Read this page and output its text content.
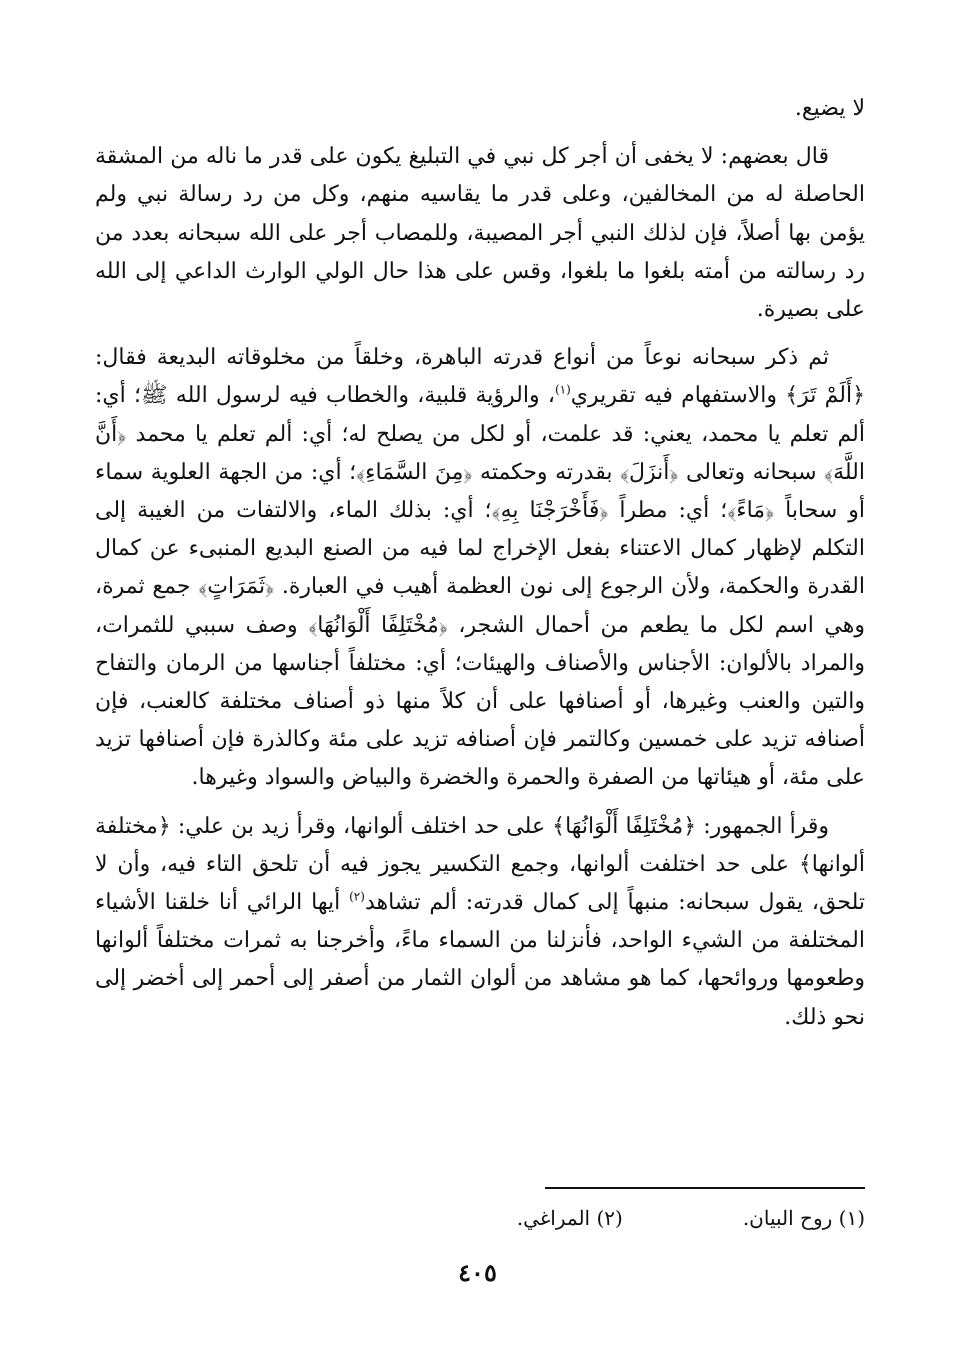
لا يضيع.

قال بعضهم: لا يخفى أن أجر كل نبي في التبليغ يكون على قدر ما ناله من المشقة الحاصلة له من المخالفين، وعلى قدر ما يقاسيه منهم، وكل من رد رسالة نبي ولم يؤمن بها أصلاً، فإن لذلك النبي أجر المصيبة، وللمصاب أجر على الله سبحانه بعدد من رد رسالته من أمته بلغوا ما بلغوا، وقس على هذا حال الولي الوارث الداعي إلى الله على بصيرة.

ثم ذكر سبحانه نوعاً من أنواع قدرته الباهرة، وخلقاً من مخلوقاته البديعة فقال: ﴿أَلَمْ تَرَ﴾ والاستفهام فيه تقريري$^{(١)}$، والرؤية قلبية، والخطاب فيه لرسول الله ﷺ؛ أي: ألم تعلم يا محمد، يعني: قد علمت، أو لكل من يصلح له؛ أي: ألم تعلم يا محمد ﴿أَنَّ اللَّهَ﴾ سبحانه وتعالى ﴿أَنزَلَ﴾ بقدرته وحكمته ﴿مِنَ السَّمَاءِ﴾؛ أي: من الجهة العلوية سماء أو سحاباً ﴿مَاءً﴾؛ أي: مطراً ﴿فَأَخْرَجْنَا بِهِ﴾؛ أي: بذلك الماء، والالتفات من الغيبة إلى التكلم لإظهار كمال الاعتناء بفعل الإخراج لما فيه من الصنع البديع المنبىء عن كمال القدرة والحكمة، ولأن الرجوع إلى نون العظمة أهيب في العبارة. ﴿ثَمَرَاتٍ﴾ جمع ثمرة، وهي اسم لكل ما يطعم من أحمال الشجر، ﴿مُخْتَلِفًا أَلْوَانُهَا﴾ وصف سببي للثمرات، والمراد بالألوان: الأجناس والأصناف والهيئات؛ أي: مختلفاً أجناسها من الرمان والتفاح والتين والعنب وغيرها، أو أصنافها على أن كلاً منها ذو أصناف مختلفة كالعنب، فإن أصنافه تزيد على خمسين وكالتمر فإن أصنافه تزيد على مئة وكالذرة فإن أصنافها تزيد على مئة، أو هيئاتها من الصفرة والحمرة والخضرة والبياض والسواد وغيرها.

وقرأ الجمهور: ﴿مُخْتَلِفًا أَلْوَانُهَا﴾ على حد اختلف ألوانها، وقرأ زيد بن علي: ﴿مختلفة ألوانها﴾ على حد اختلفت ألوانها، وجمع التكسير يجوز فيه أن تلحق التاء فيه، وأن لا تلحق، يقول سبحانه: منبهاً إلى كمال قدرته: ألم تشاهد$^{(٢)}$ أيها الرائي أنا خلقنا الأشياء المختلفة من الشيء الواحد، فأنزلنا من السماء ماءً، وأخرجنا به ثمرات مختلفاً ألوانها وطعومها وروائحها، كما هو مشاهد من ألوان الثمار من أصفر إلى أحمر إلى أخضر إلى نحو ذلك.

(١) روح البيان.
(٢) المراغي.
٤٠٥
